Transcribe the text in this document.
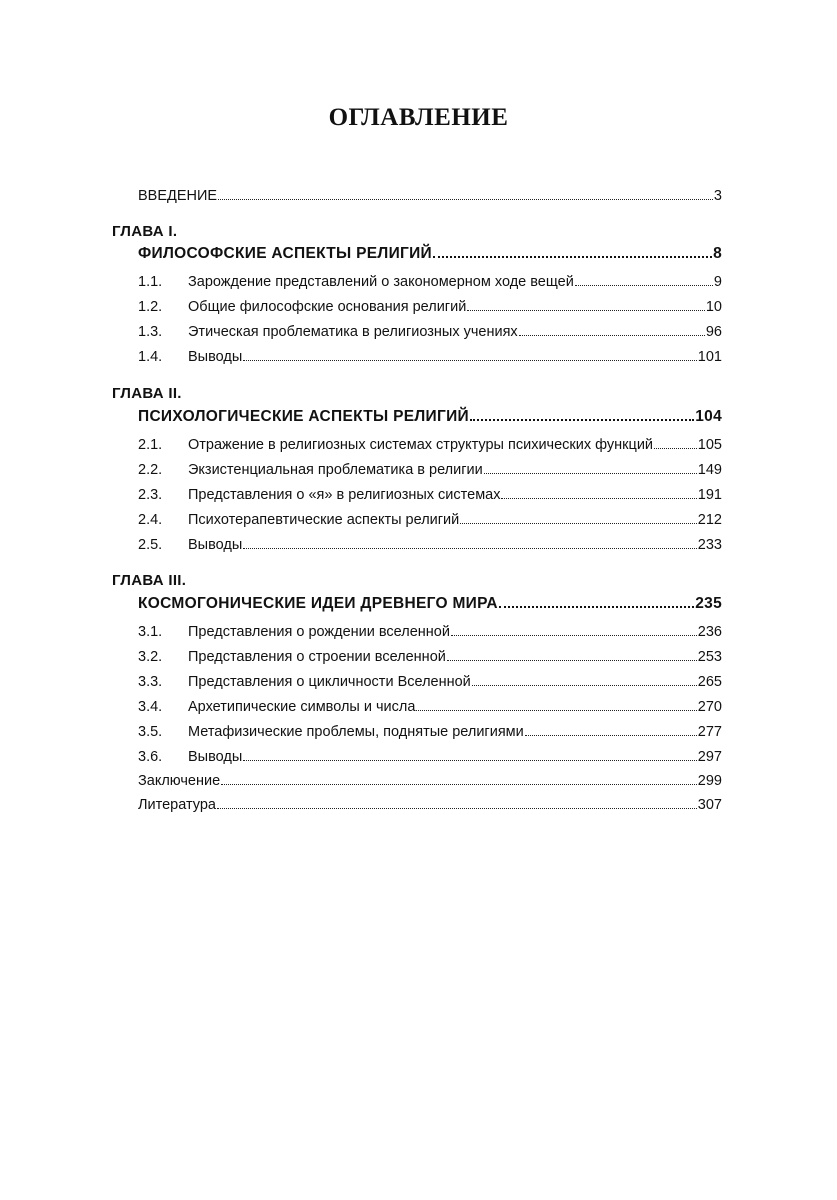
ОГЛАВЛЕНИЕ
ВВЕДЕНИЕ	3
ГЛАВА I.
ФИЛОСОФСКИЕ АСПЕКТЫ РЕЛИГИЙ	8
1.1.	Зарождение представлений о закономерном ходе вещей	9
1.2.	Общие философские основания религий	10
1.3.	Этическая проблематика в религиозных учениях	96
1.4.	Выводы	101
ГЛАВА II.
ПСИХОЛОГИЧЕСКИЕ АСПЕКТЫ РЕЛИГИЙ	104
2.1.	Отражение в религиозных системах структуры психических функций	105
2.2.	Экзистенциальная проблематика в религии	149
2.3.	Представления о «я» в религиозных системах	191
2.4.	Психотерапевтические аспекты религий	212
2.5.	Выводы	233
ГЛАВА III.
КОСМОГОНИЧЕСКИЕ ИДЕИ ДРЕВНЕГО МИРА	235
3.1.	Представления о рождении вселенной	236
3.2.	Представления о строении вселенной	253
3.3.	Представления о цикличности Вселенной	265
3.4.	Архетипические символы и числа	270
3.5.	Метафизические проблемы, поднятые религиями	277
3.6.	Выводы	297
Заключение	299
Литература	307
